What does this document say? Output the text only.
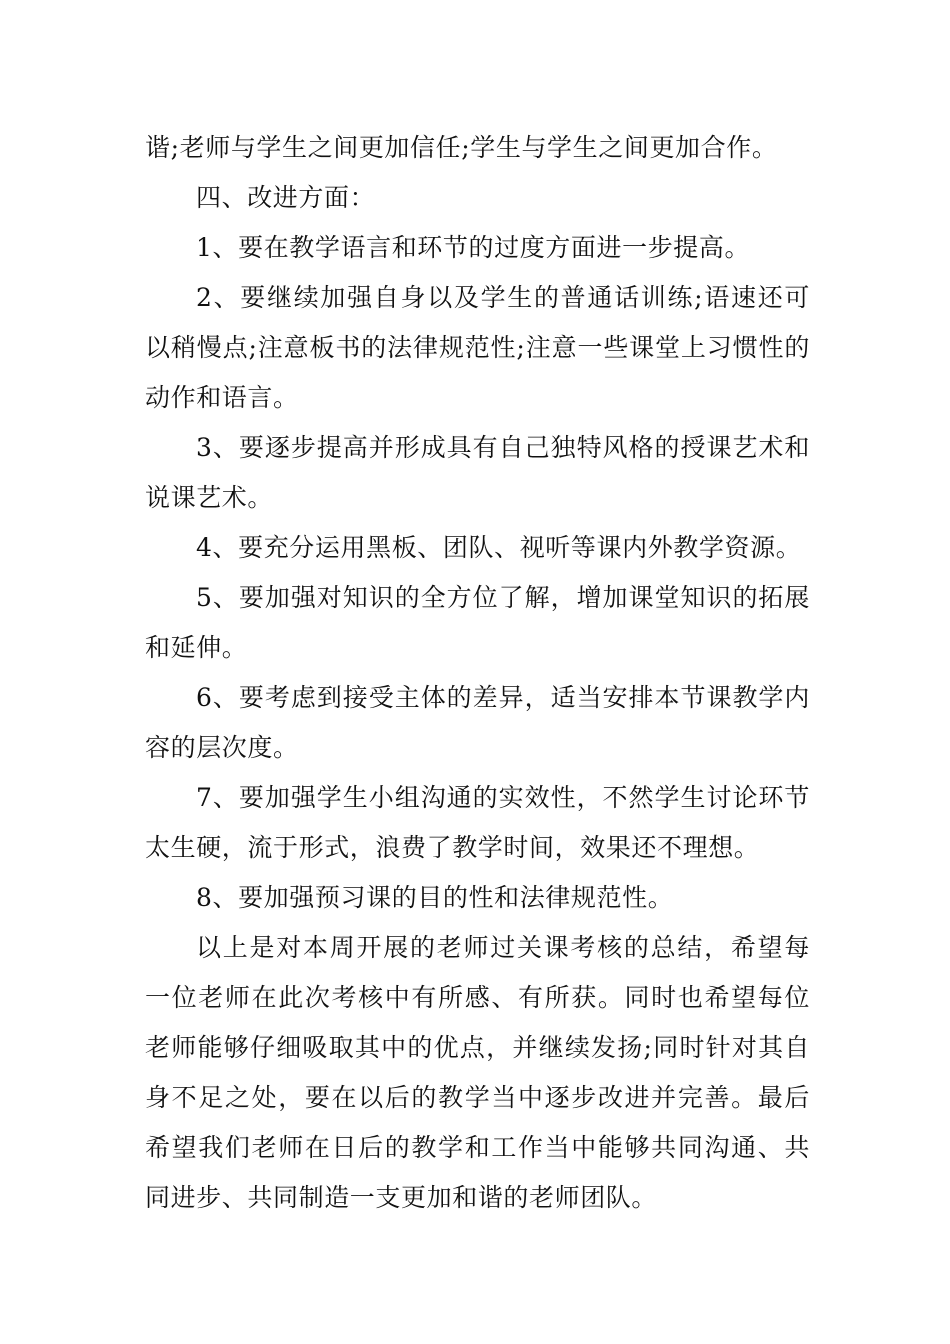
谐;老师与学生之间更加信任;学生与学生之间更加合作。

四、改进方面：

1、要在教学语言和环节的过度方面进一步提高。

2、要继续加强自身以及学生的普通话训练;语速还可以稍慢点;注意板书的法律规范性;注意一些课堂上习惯性的动作和语言。

3、要逐步提高并形成具有自己独特风格的授课艺术和说课艺术。

4、要充分运用黑板、团队、视听等课内外教学资源。

5、要加强对知识的全方位了解，增加课堂知识的拓展和延伸。

6、要考虑到接受主体的差异，适当安排本节课教学内容的层次度。

7、要加强学生小组沟通的实效性，不然学生讨论环节太生硬，流于形式，浪费了教学时间，效果还不理想。

8、要加强预习课的目的性和法律规范性。

以上是对本周开展的老师过关课考核的总结，希望每一位老师在此次考核中有所感、有所获。同时也希望每位老师能够仔细吸取其中的优点，并继续发扬;同时针对其自身不足之处，要在以后的教学当中逐步改进并完善。最后希望我们老师在日后的教学和工作当中能够共同沟通、共同进步、共同制造一支更加和谐的老师团队。
